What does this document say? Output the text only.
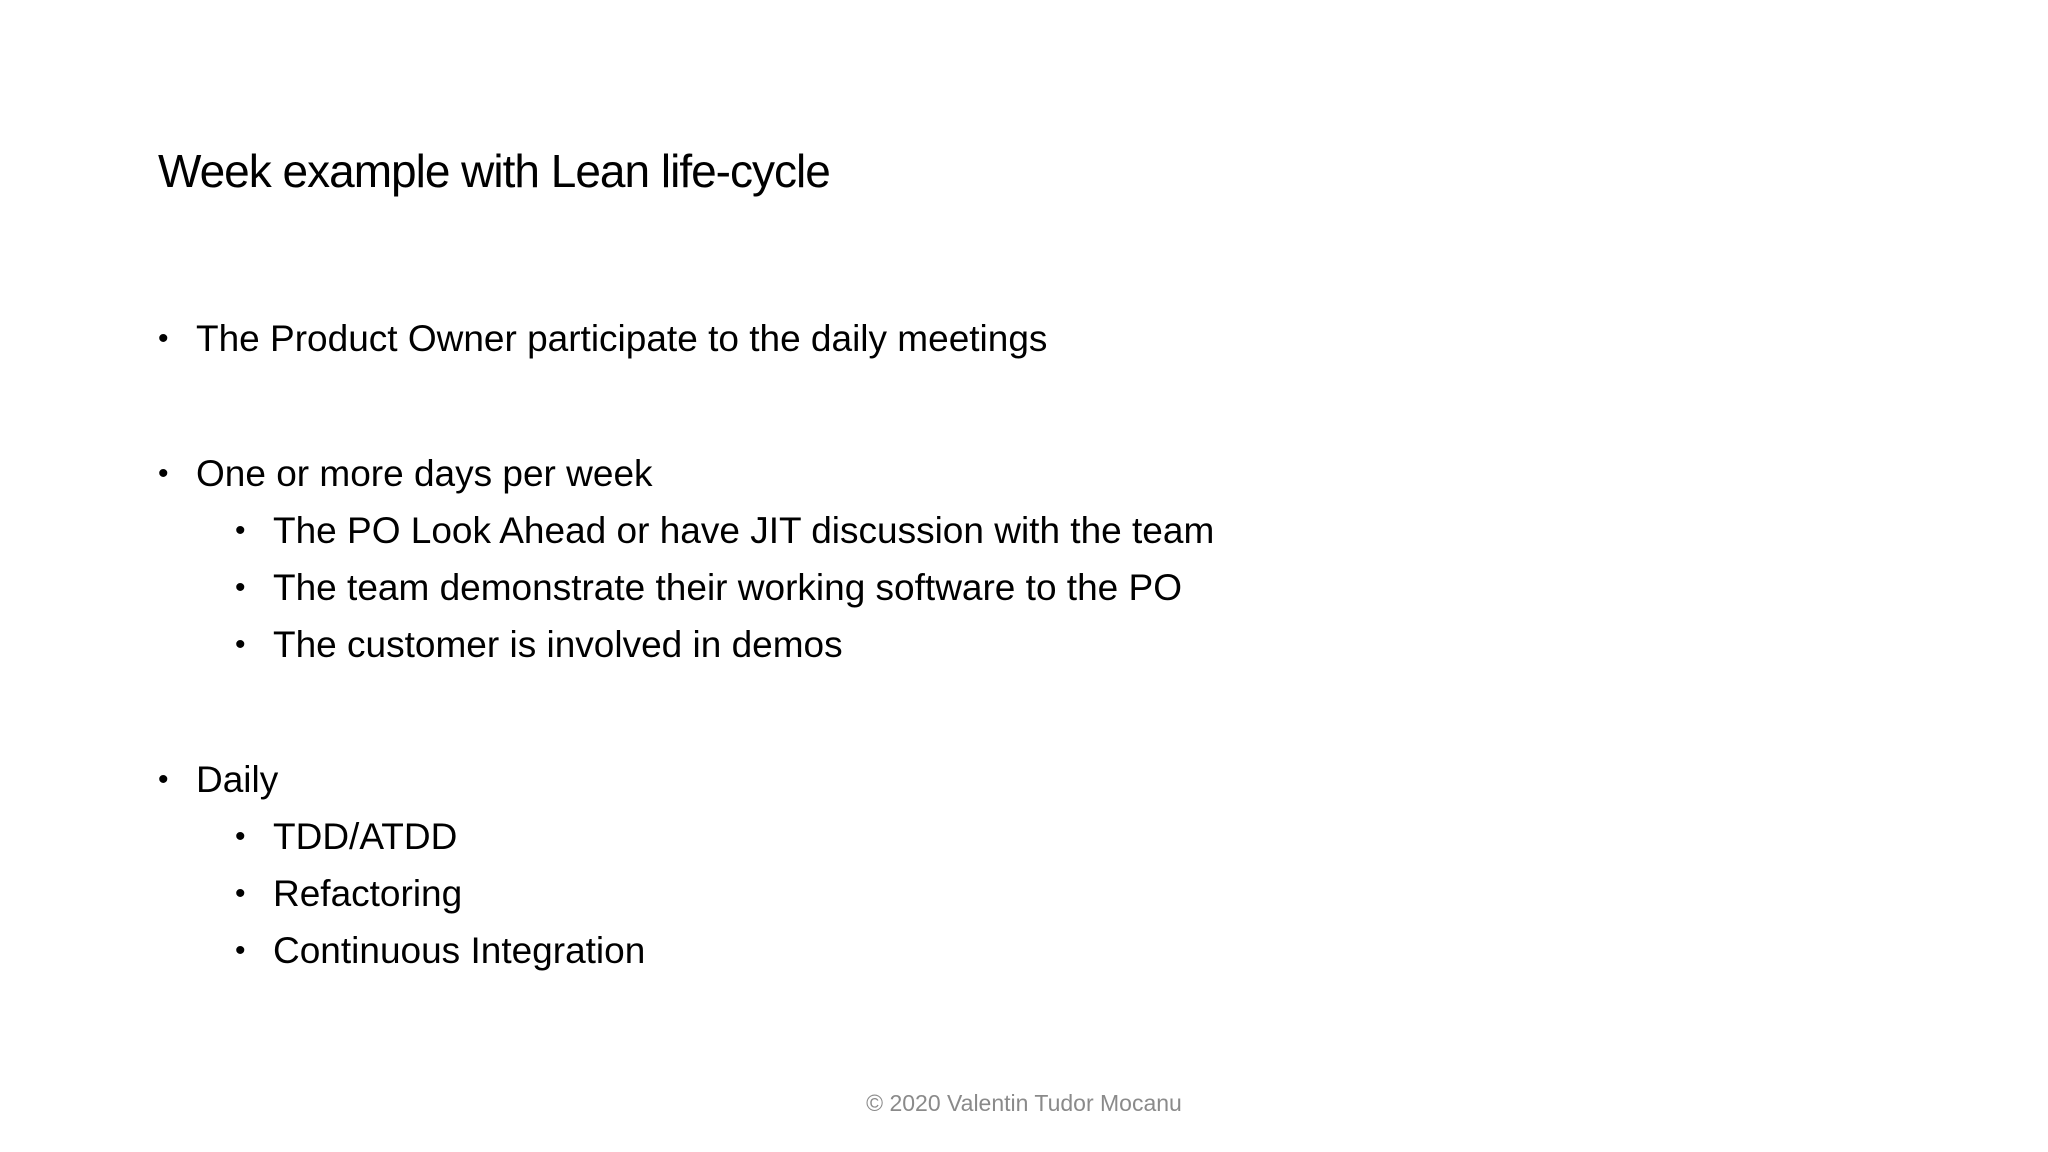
Week example with Lean life-cycle
• The Product Owner participate to the daily meetings
• One or more days per week
• The PO Look Ahead or have JIT discussion with the team
• The team demonstrate their working software to the PO
• The customer is involved in demos
• Daily
• TDD/ATDD
• Refactoring
• Continuous Integration
© 2020 Valentin Tudor Mocanu
